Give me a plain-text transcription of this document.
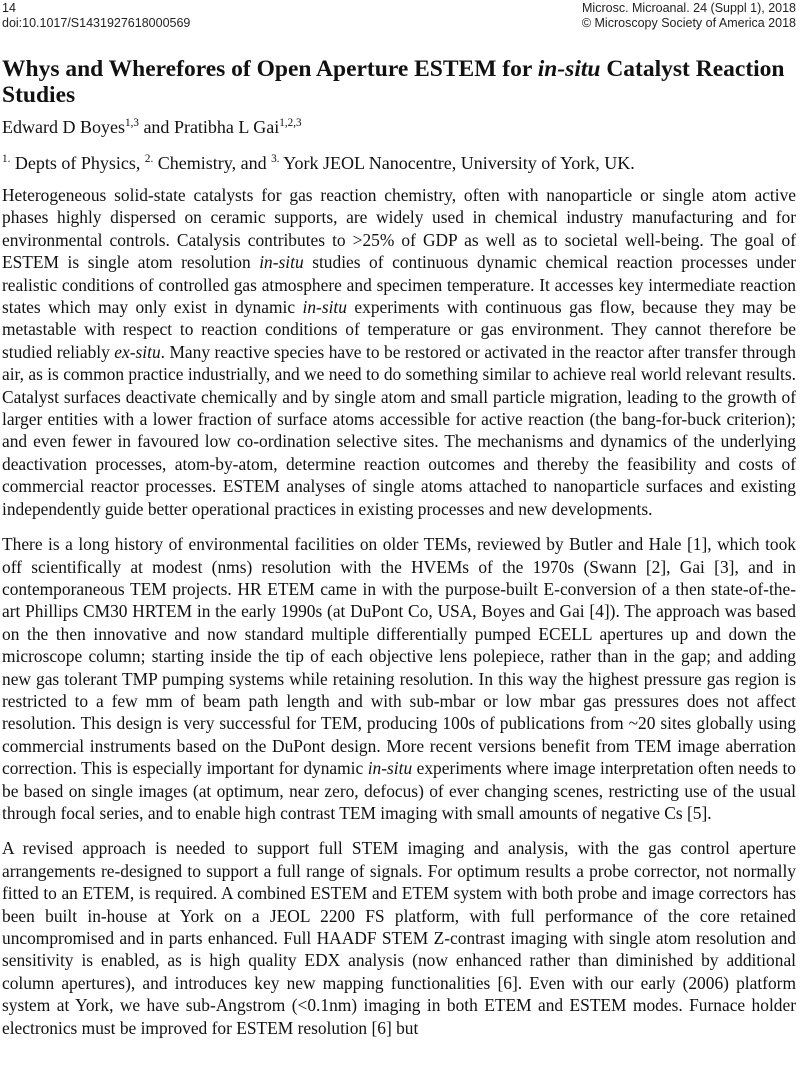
14
doi:10.1017/S1431927618000569
Microsc. Microanal. 24 (Suppl 1), 2018
© Microscopy Society of America 2018
Whys and Wherefores of Open Aperture ESTEM for in-situ Catalyst Reaction Studies
Edward D Boyes$^{1,3}$ and Pratibha L Gai$^{1,2,3}$
$^{1.}$ Depts of Physics, $^{2.}$ Chemistry, and $^{3.}$ York JEOL Nanocentre, University of York, UK.

Heterogeneous solid-state catalysts for gas reaction chemistry, often with nanoparticle or single atom active phases highly dispersed on ceramic supports, are widely used in chemical industry manufacturing and for environmental controls. Catalysis contributes to >25% of GDP as well as to societal well-being. The goal of ESTEM is single atom resolution in-situ studies of continuous dynamic chemical reaction processes under realistic conditions of controlled gas atmosphere and specimen temperature. It accesses key intermediate reaction states which may only exist in dynamic in-situ experiments with continuous gas flow, because they may be metastable with respect to reaction conditions of temperature or gas environment. They cannot therefore be studied reliably ex-situ. Many reactive species have to be restored or activated in the reactor after transfer through air, as is common practice industrially, and we need to do something similar to achieve real world relevant results. Catalyst surfaces deactivate chemically and by single atom and small particle migration, leading to the growth of larger entities with a lower fraction of surface atoms accessible for active reaction (the bang-for-buck criterion); and even fewer in favoured low co-ordination selective sites. The mechanisms and dynamics of the underlying deactivation processes, atom-by-atom, determine reaction outcomes and thereby the feasibility and costs of commercial reactor processes. ESTEM analyses of single atoms attached to nanoparticle surfaces and existing independently guide better operational practices in existing processes and new developments.

There is a long history of environmental facilities on older TEMs, reviewed by Butler and Hale [1], which took off scientifically at modest (nms) resolution with the HVEMs of the 1970s (Swann [2], Gai [3], and in contemporaneous TEM projects. HR ETEM came in with the purpose-built E-conversion of a then state-of-the-art Phillips CM30 HRTEM in the early 1990s (at DuPont Co, USA, Boyes and Gai [4]). The approach was based on the then innovative and now standard multiple differentially pumped ECELL apertures up and down the microscope column; starting inside the tip of each objective lens polepiece, rather than in the gap; and adding new gas tolerant TMP pumping systems while retaining resolution. In this way the highest pressure gas region is restricted to a few mm of beam path length and with sub-mbar or low mbar gas pressures does not affect resolution. This design is very successful for TEM, producing 100s of publications from ~20 sites globally using commercial instruments based on the DuPont design. More recent versions benefit from TEM image aberration correction. This is especially important for dynamic in-situ experiments where image interpretation often needs to be based on single images (at optimum, near zero, defocus) of ever changing scenes, restricting use of the usual through focal series, and to enable high contrast TEM imaging with small amounts of negative Cs [5].

A revised approach is needed to support full STEM imaging and analysis, with the gas control aperture arrangements re-designed to support a full range of signals. For optimum results a probe corrector, not normally fitted to an ETEM, is required. A combined ESTEM and ETEM system with both probe and image correctors has been built in-house at York on a JEOL 2200 FS platform, with full performance of the core retained uncompromised and in parts enhanced. Full HAADF STEM Z-contrast imaging with single atom resolution and sensitivity is enabled, as is high quality EDX analysis (now enhanced rather than diminished by additional column apertures), and introduces key new mapping functionalities [6]. Even with our early (2006) platform system at York, we have sub-Angstrom (<0.1nm) imaging in both ETEM and ESTEM modes. Furnace holder electronics must be improved for ESTEM resolution [6] but
